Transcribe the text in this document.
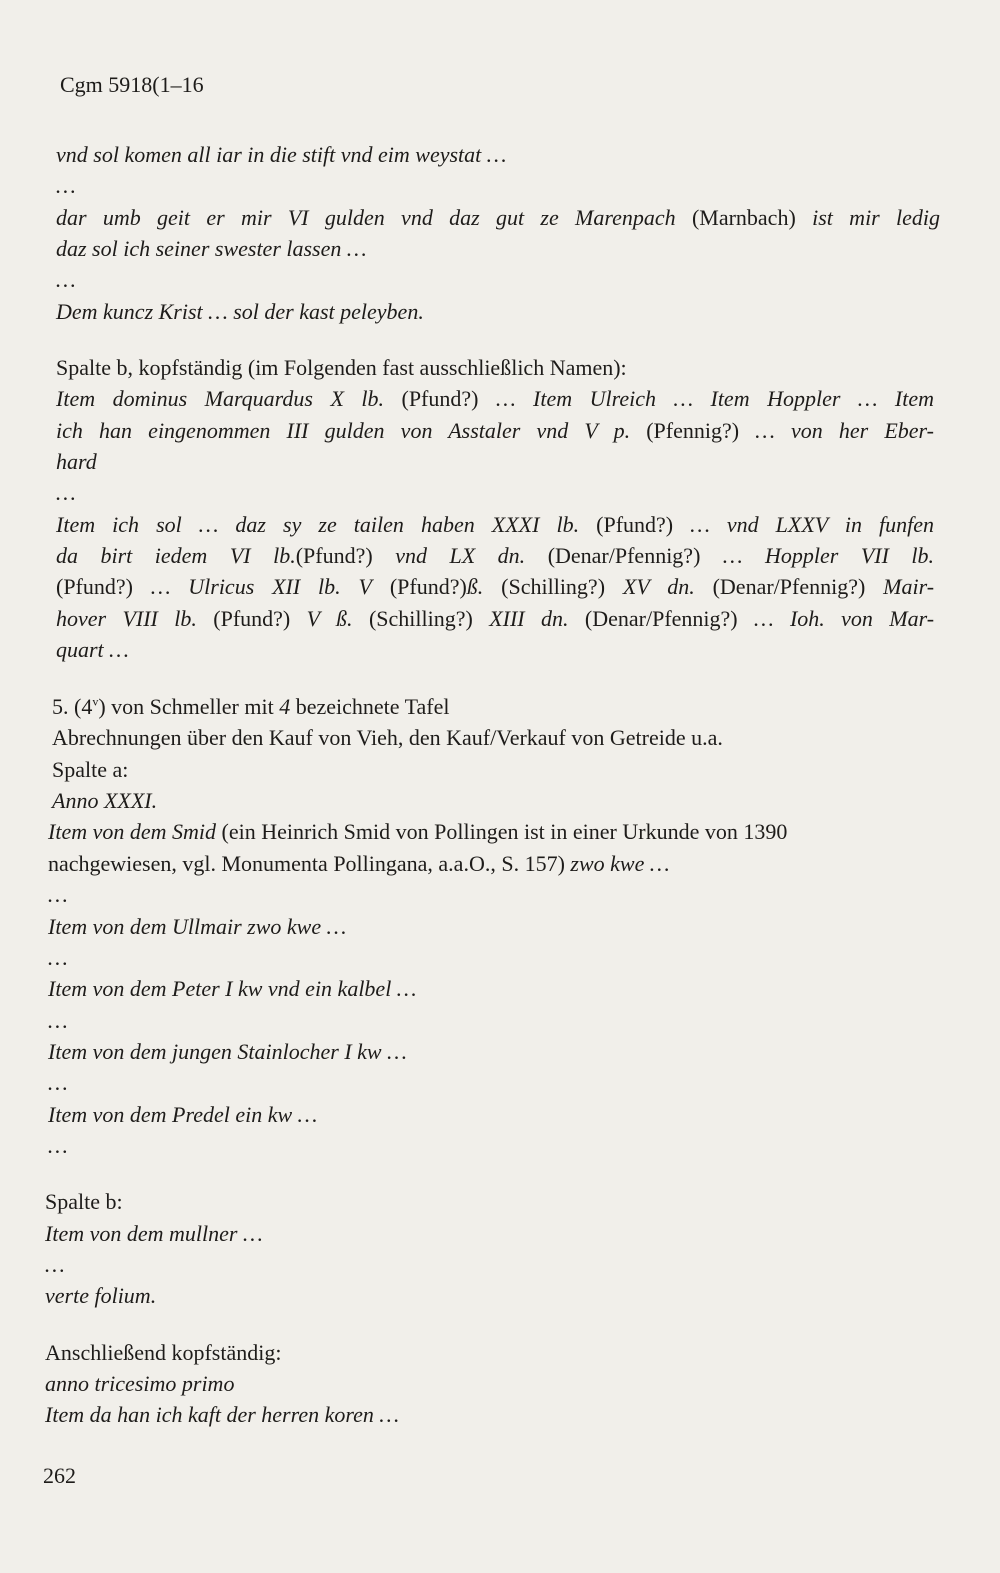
Cgm 5918(1–16
vnd sol komen all iar in die stift vnd eim weystat …
…
dar umb geit er mir VI gulden vnd daz gut ze Marenpach (Marnbach) ist mir ledig
daz sol ich seiner swester lassen …
…
Dem kuncz Krist … sol der kast peleyben.
Spalte b, kopfständig (im Folgenden fast ausschließlich Namen):
Item dominus Marquardus X lb. (Pfund?) … Item Ulreich … Item Hoppler … Item
ich han eingenommen III gulden von Asstaler vnd V p. (Pfennig?) … von her Eber-
hard
…
Item ich sol … daz sy ze tailen haben XXXI lb. (Pfund?) … vnd LXXV in funfen
da birt iedem VI lb.(Pfund?) vnd LX dn. (Denar/Pfennig?) … Hoppler VII lb.
(Pfund?) … Ulricus XII lb. V (Pfund?)ß. (Schilling?) XV dn. (Denar/Pfennig?) Mair-
hover VIII lb. (Pfund?) V ß. (Schilling?) XIII dn. (Denar/Pfennig?) … Ioh. von Mar-
quart …
5. (4$^v$) von Schmeller mit 4 bezeichnete Tafel
Abrechnungen über den Kauf von Vieh, den Kauf/Verkauf von Getreide u.a.
Spalte a:
Anno XXXI.
Item von dem Smid (ein Heinrich Smid von Pollingen ist in einer Urkunde von 1390
nachgewiesen, vgl. Monumenta Pollingana, a.a.O., S. 157) zwo kwe …
…
Item von dem Ullmair zwo kwe …
…
Item von dem Peter I kw vnd ein kalbel …
…
Item von dem jungen Stainlocher I kw …
…
Item von dem Predel ein kw …
…
Spalte b:
Item von dem mullner …
…
verte folium.
Anschließend kopfständig:
anno tricesimo primo
Item da han ich kaft der herren koren …
262
